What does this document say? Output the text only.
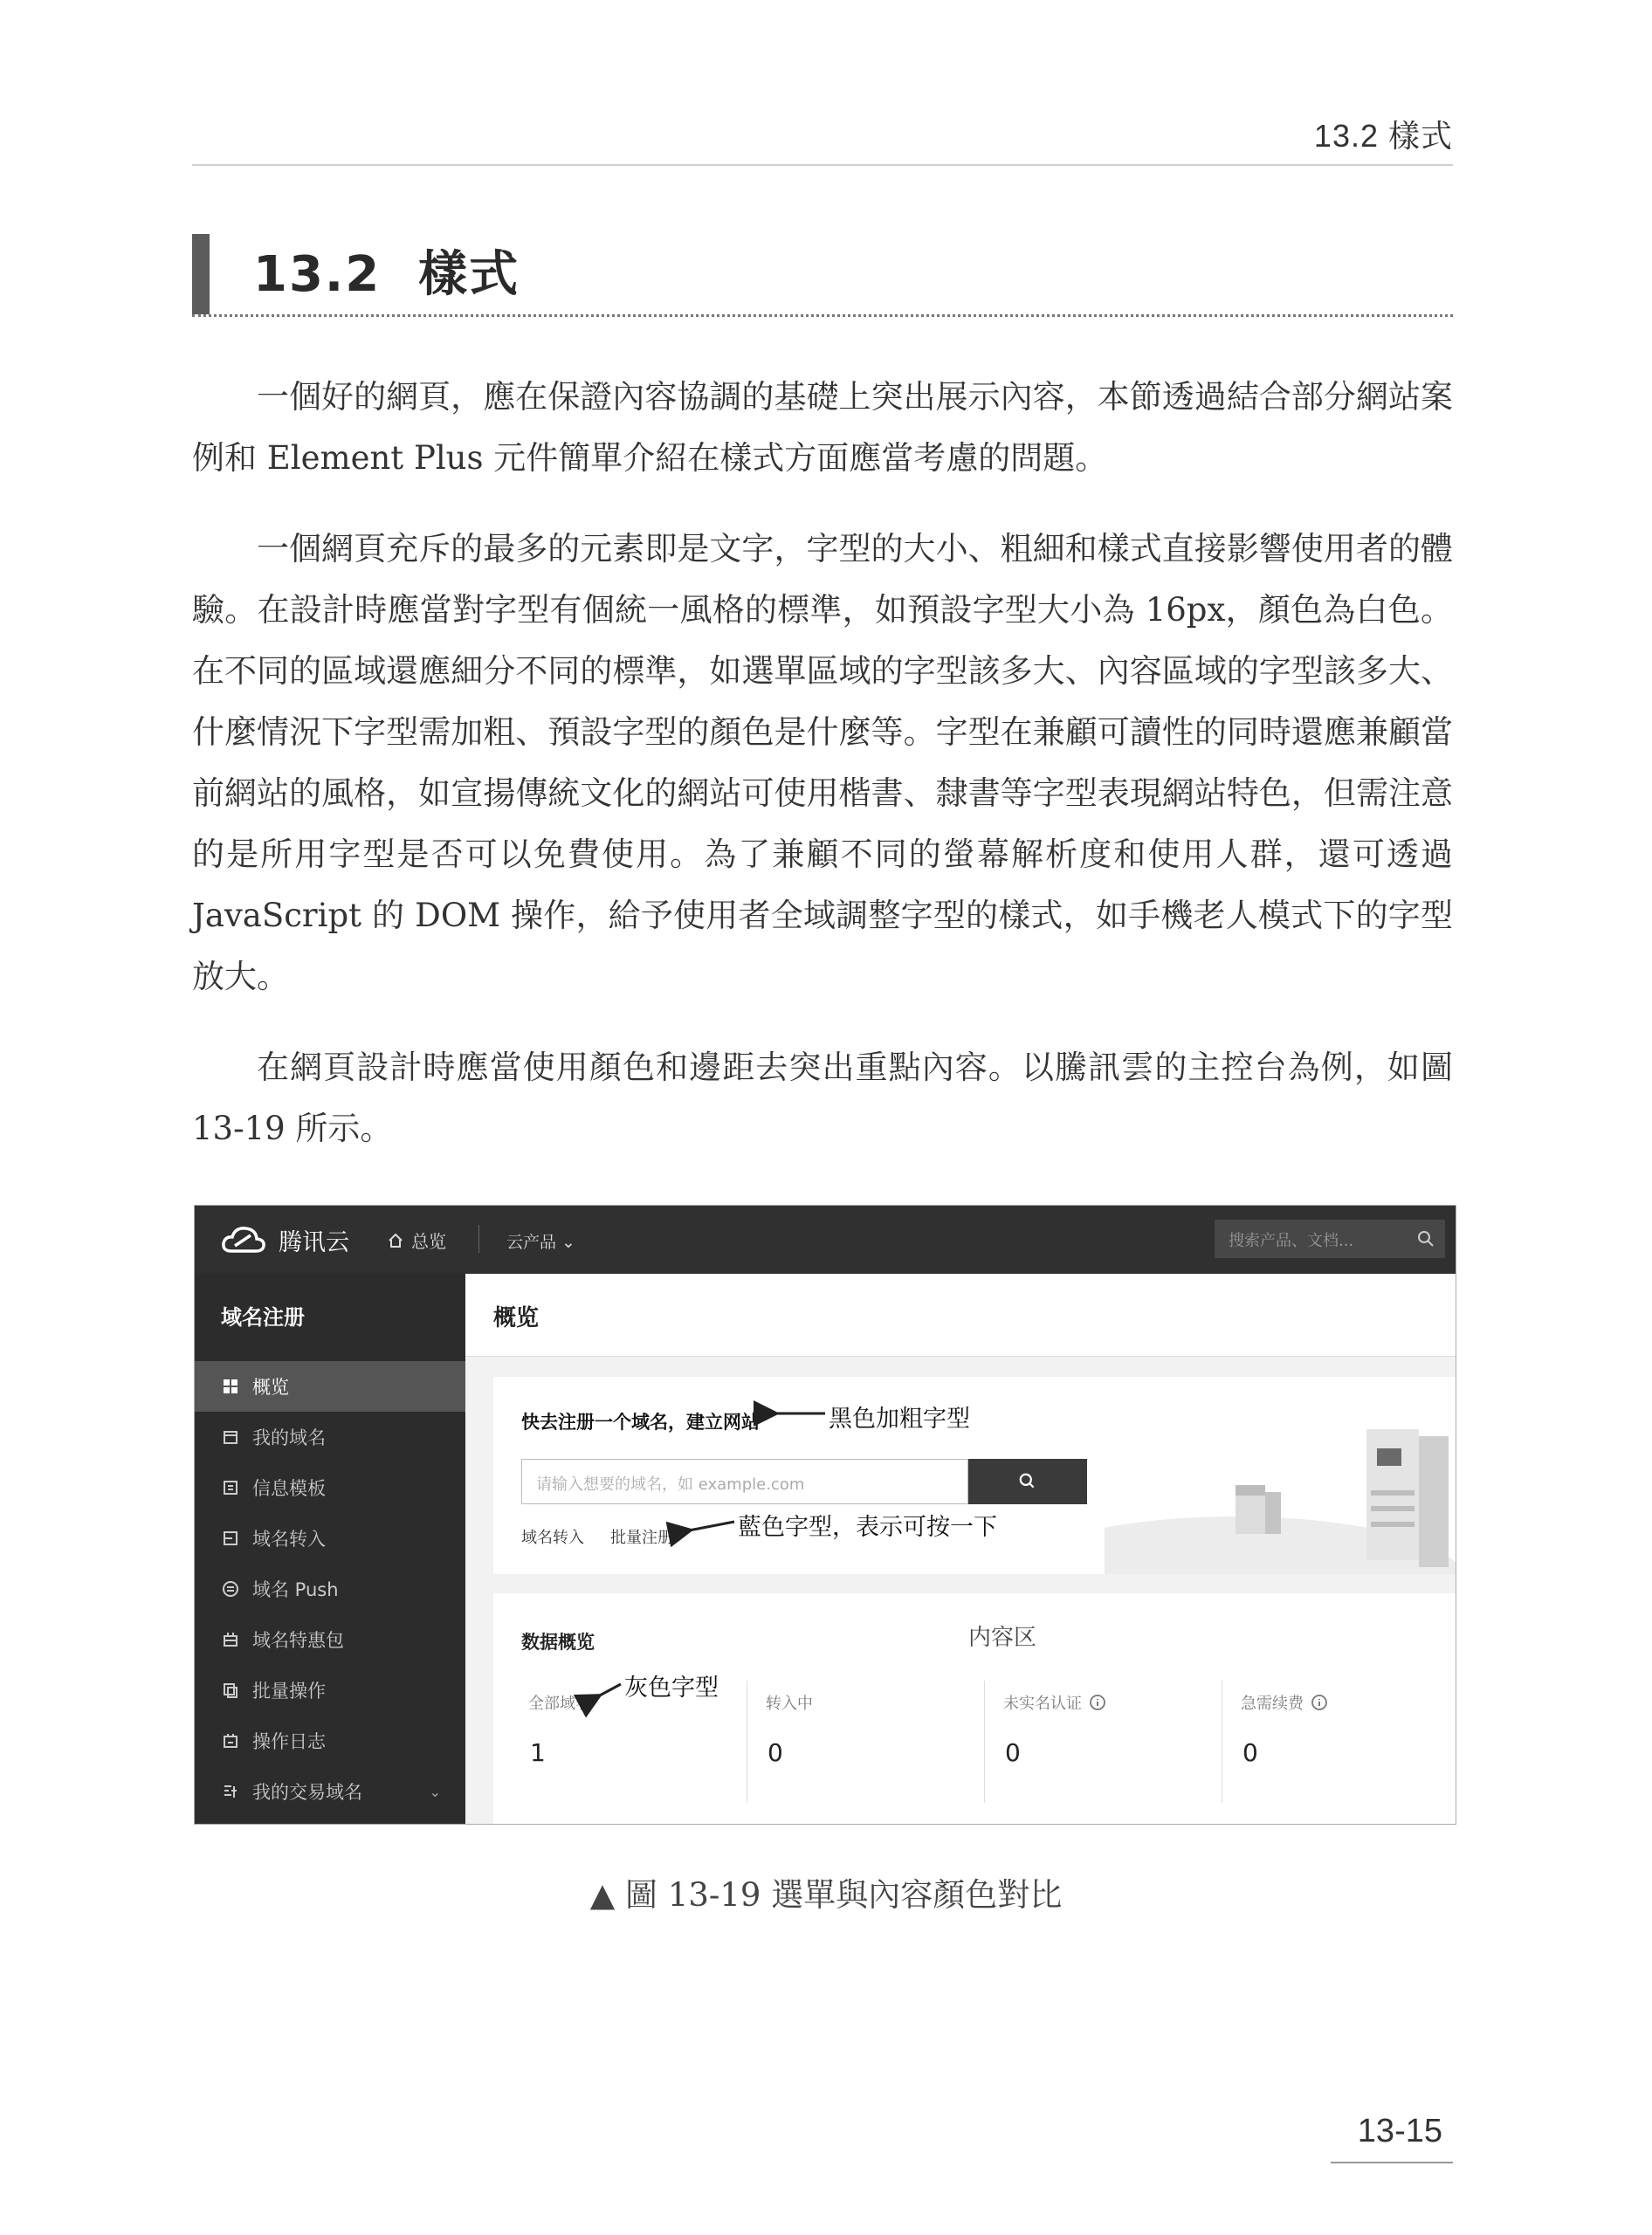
13.2 樣式
13.2 樣式

一個好的網頁，應在保證內容協調的基礎上突出展示內容，本節透過結合部分網站案例和 Element Plus 元件簡單介紹在樣式方面應當考慮的問題。

一個網頁充斥的最多的元素即是文字，字型的大小、粗細和樣式直接影響使用者的體驗。在設計時應當對字型有個統一風格的標準，如預設字型大小為 16px，顏色為白色。在不同的區域還應細分不同的標準，如選單區域的字型該多大、內容區域的字型該多大、什麼情況下字型需加粗、預設字型的顏色是什麼等。字型在兼顧可讀性的同時還應兼顧當前網站的風格，如宣揚傳統文化的網站可使用楷書、隸書等字型表現網站特色，但需注意的是所用字型是否可以免費使用。為了兼顧不同的螢幕解析度和使用人群，還可透過 JavaScript 的 DOM 操作，給予使用者全域調整字型的樣式，如手機老人模式下的字型放大。

在網頁設計時應當使用顏色和邊距去突出重點內容。以騰訊雲的主控台為例，如圖 13-19 所示。

腾讯云	总览	云产品 ⌄	搜索产品、文档...
域名注册
概览
我的域名
信息模板
域名转入
域名 Push
域名特惠包
批量操作
操作日志
我的交易域名	⌄
概览
快去注册一个域名，建立网站
请输入想要的域名，如 example.com
域名转入 批量注册
数据概览	内容区
全部域名
1
转入中
0
未实名认证
0
急需续费
0
黑色加粗字型
藍色字型，表示可按一下
灰色字型
▲ 圖 13-19 選單與內容顏色對比
13-15
